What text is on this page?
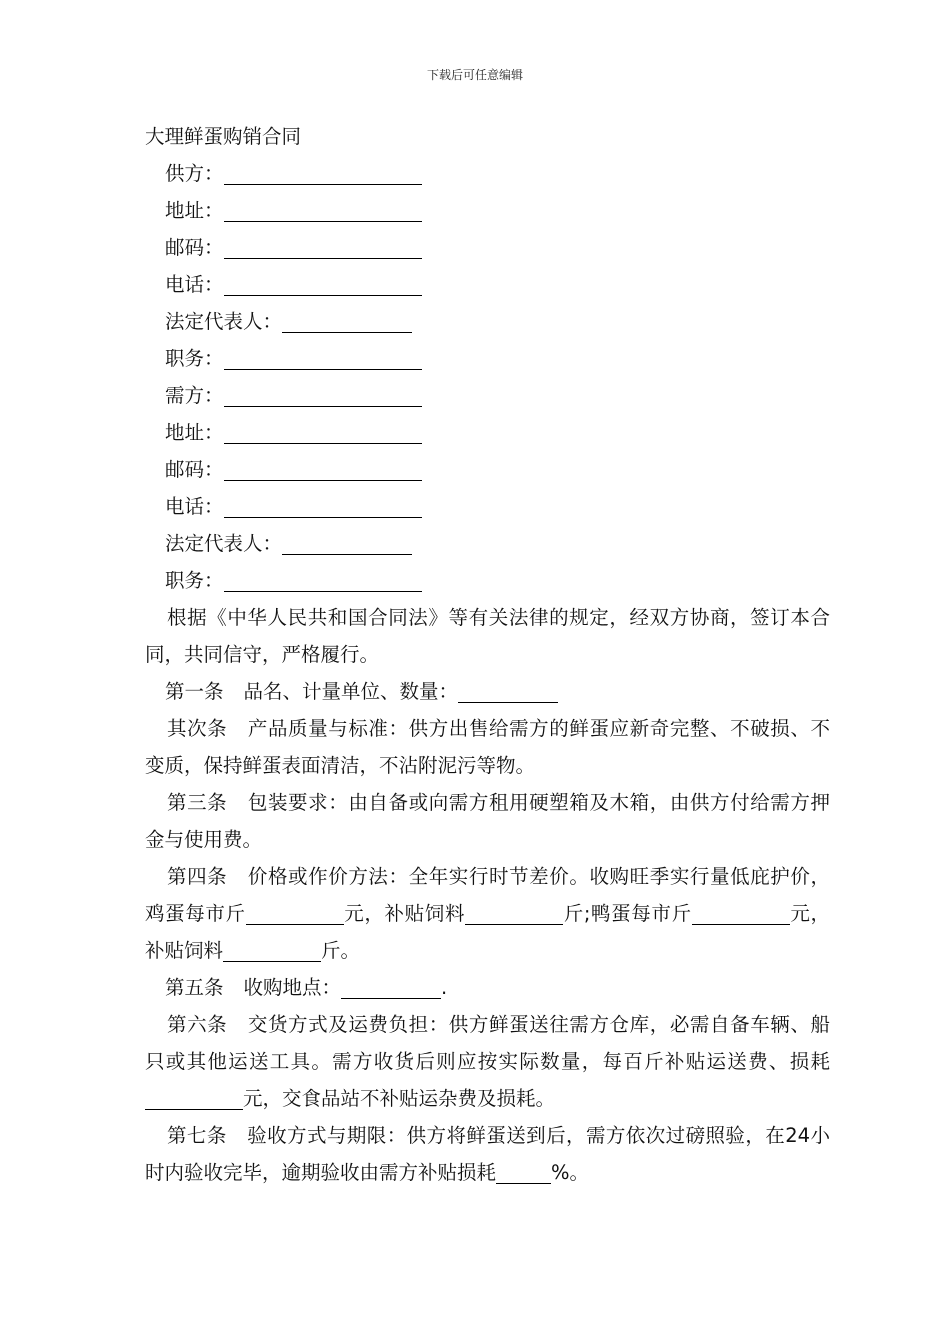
下载后可任意编辑
大理鲜蛋购销合同
供方：
地址：
邮码：
电话：
法定代表人：
职务：
需方：
地址：
邮码：
电话：
法定代表人：
职务：
根据《中华人民共和国合同法》等有关法律的规定，经双方协商，签订本合同，共同信守，严格履行。
第一条 品名、计量单位、数量：
其次条 产品质量与标准：供方出售给需方的鲜蛋应新奇完整、不破损、不变质，保持鲜蛋表面清洁，不沾附泥污等物。
第三条 包装要求：由自备或向需方租用硬塑箱及木箱，由供方付给需方押金与使用费。
第四条 价格或作价方法：全年实行时节差价。收购旺季实行量低庇护价，鸡蛋每市斤	元，补贴饲料	斤;鸭蛋每市斤	元，补贴饲料	斤。
第五条 收购地点：	.
第六条 交货方式及运费负担：供方鲜蛋送往需方仓库，必需自备车辆、船只或其他运送工具。需方收货后则应按实际数量，每百斤补贴运送费、损耗元，交食品站不补贴运杂费及损耗。
第七条 验收方式与期限：供方将鲜蛋送到后，需方依次过磅照验，在24小时内验收完毕，逾期验收由需方补贴损耗	%。
